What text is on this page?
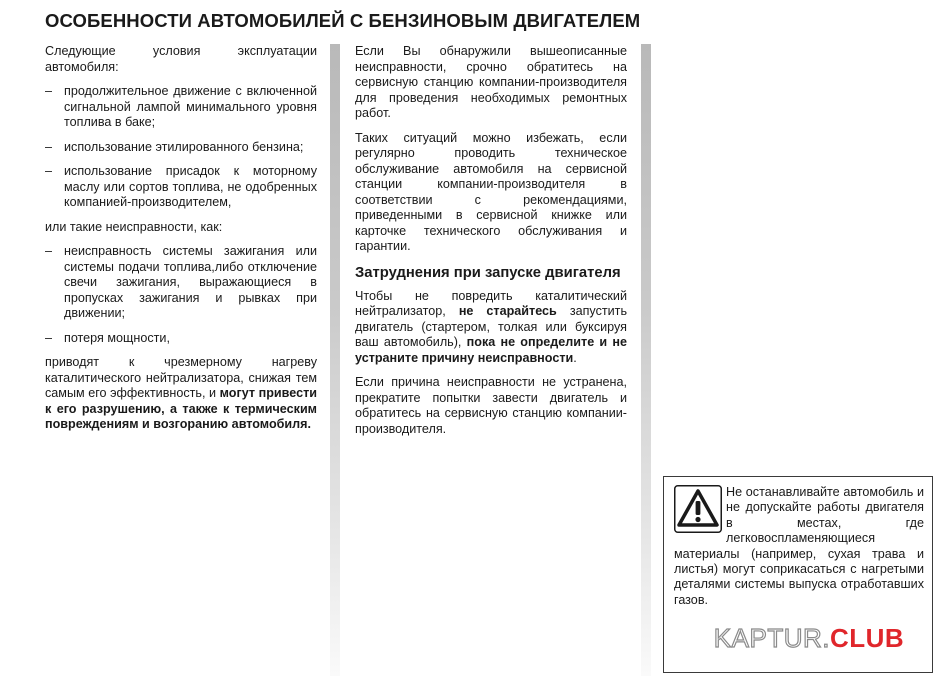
ОСОБЕННОСТИ АВТОМОБИЛЕЙ С БЕНЗИНОВЫМ ДВИГАТЕЛЕМ

Следующие условия эксплуатации автомобиля:

– продолжительное движение с включенной сигнальной лампой минимального уровня топлива в баке;
– использование этилированного бензина;
– использование присадок к моторному маслу или сортов топлива, не одобренных компанией-производителем,

или такие неисправности, как:

– неисправность системы зажигания или системы подачи топлива,либо отключение свечи зажигания, выражающиеся в пропусках зажигания и рывках при движении;
– потеря мощности,

приводят к чрезмерному нагреву каталитического нейтрализатора, снижая тем самым его эффективность, и могут привести к его разрушению, а также к термическим повреждениям и возгоранию автомобиля.

Если Вы обнаружили вышеописанные неисправности, срочно обратитесь на сервисную станцию компании-производителя для проведения необходимых ремонтных работ.

Таких ситуаций можно избежать, если регулярно проводить техническое обслуживание автомобиля на сервисной станции компании-производителя в соответствии с рекомендациями, приведенными в сервисной книжке или карточке технического обслуживания и гарантии.

Затруднения при запуске двигателя

Чтобы не повредить каталитический нейтрализатор, не старайтесь запустить двигатель (стартером, толкая или буксируя ваш автомобиль), пока не определите и не устраните причину неисправности.

Если причина неисправности не устранена, прекратите попытки завести двигатель и обратитесь на сервисную станцию компании-производителя.

Не останавливайте автомобиль и не допускайте работы двигателя в местах, где легковоспламеняющиеся материалы (например, сухая трава и листья) могут соприкасаться с нагретыми деталями системы выпуска отработавших газов.
KAPTUR.CLUB
